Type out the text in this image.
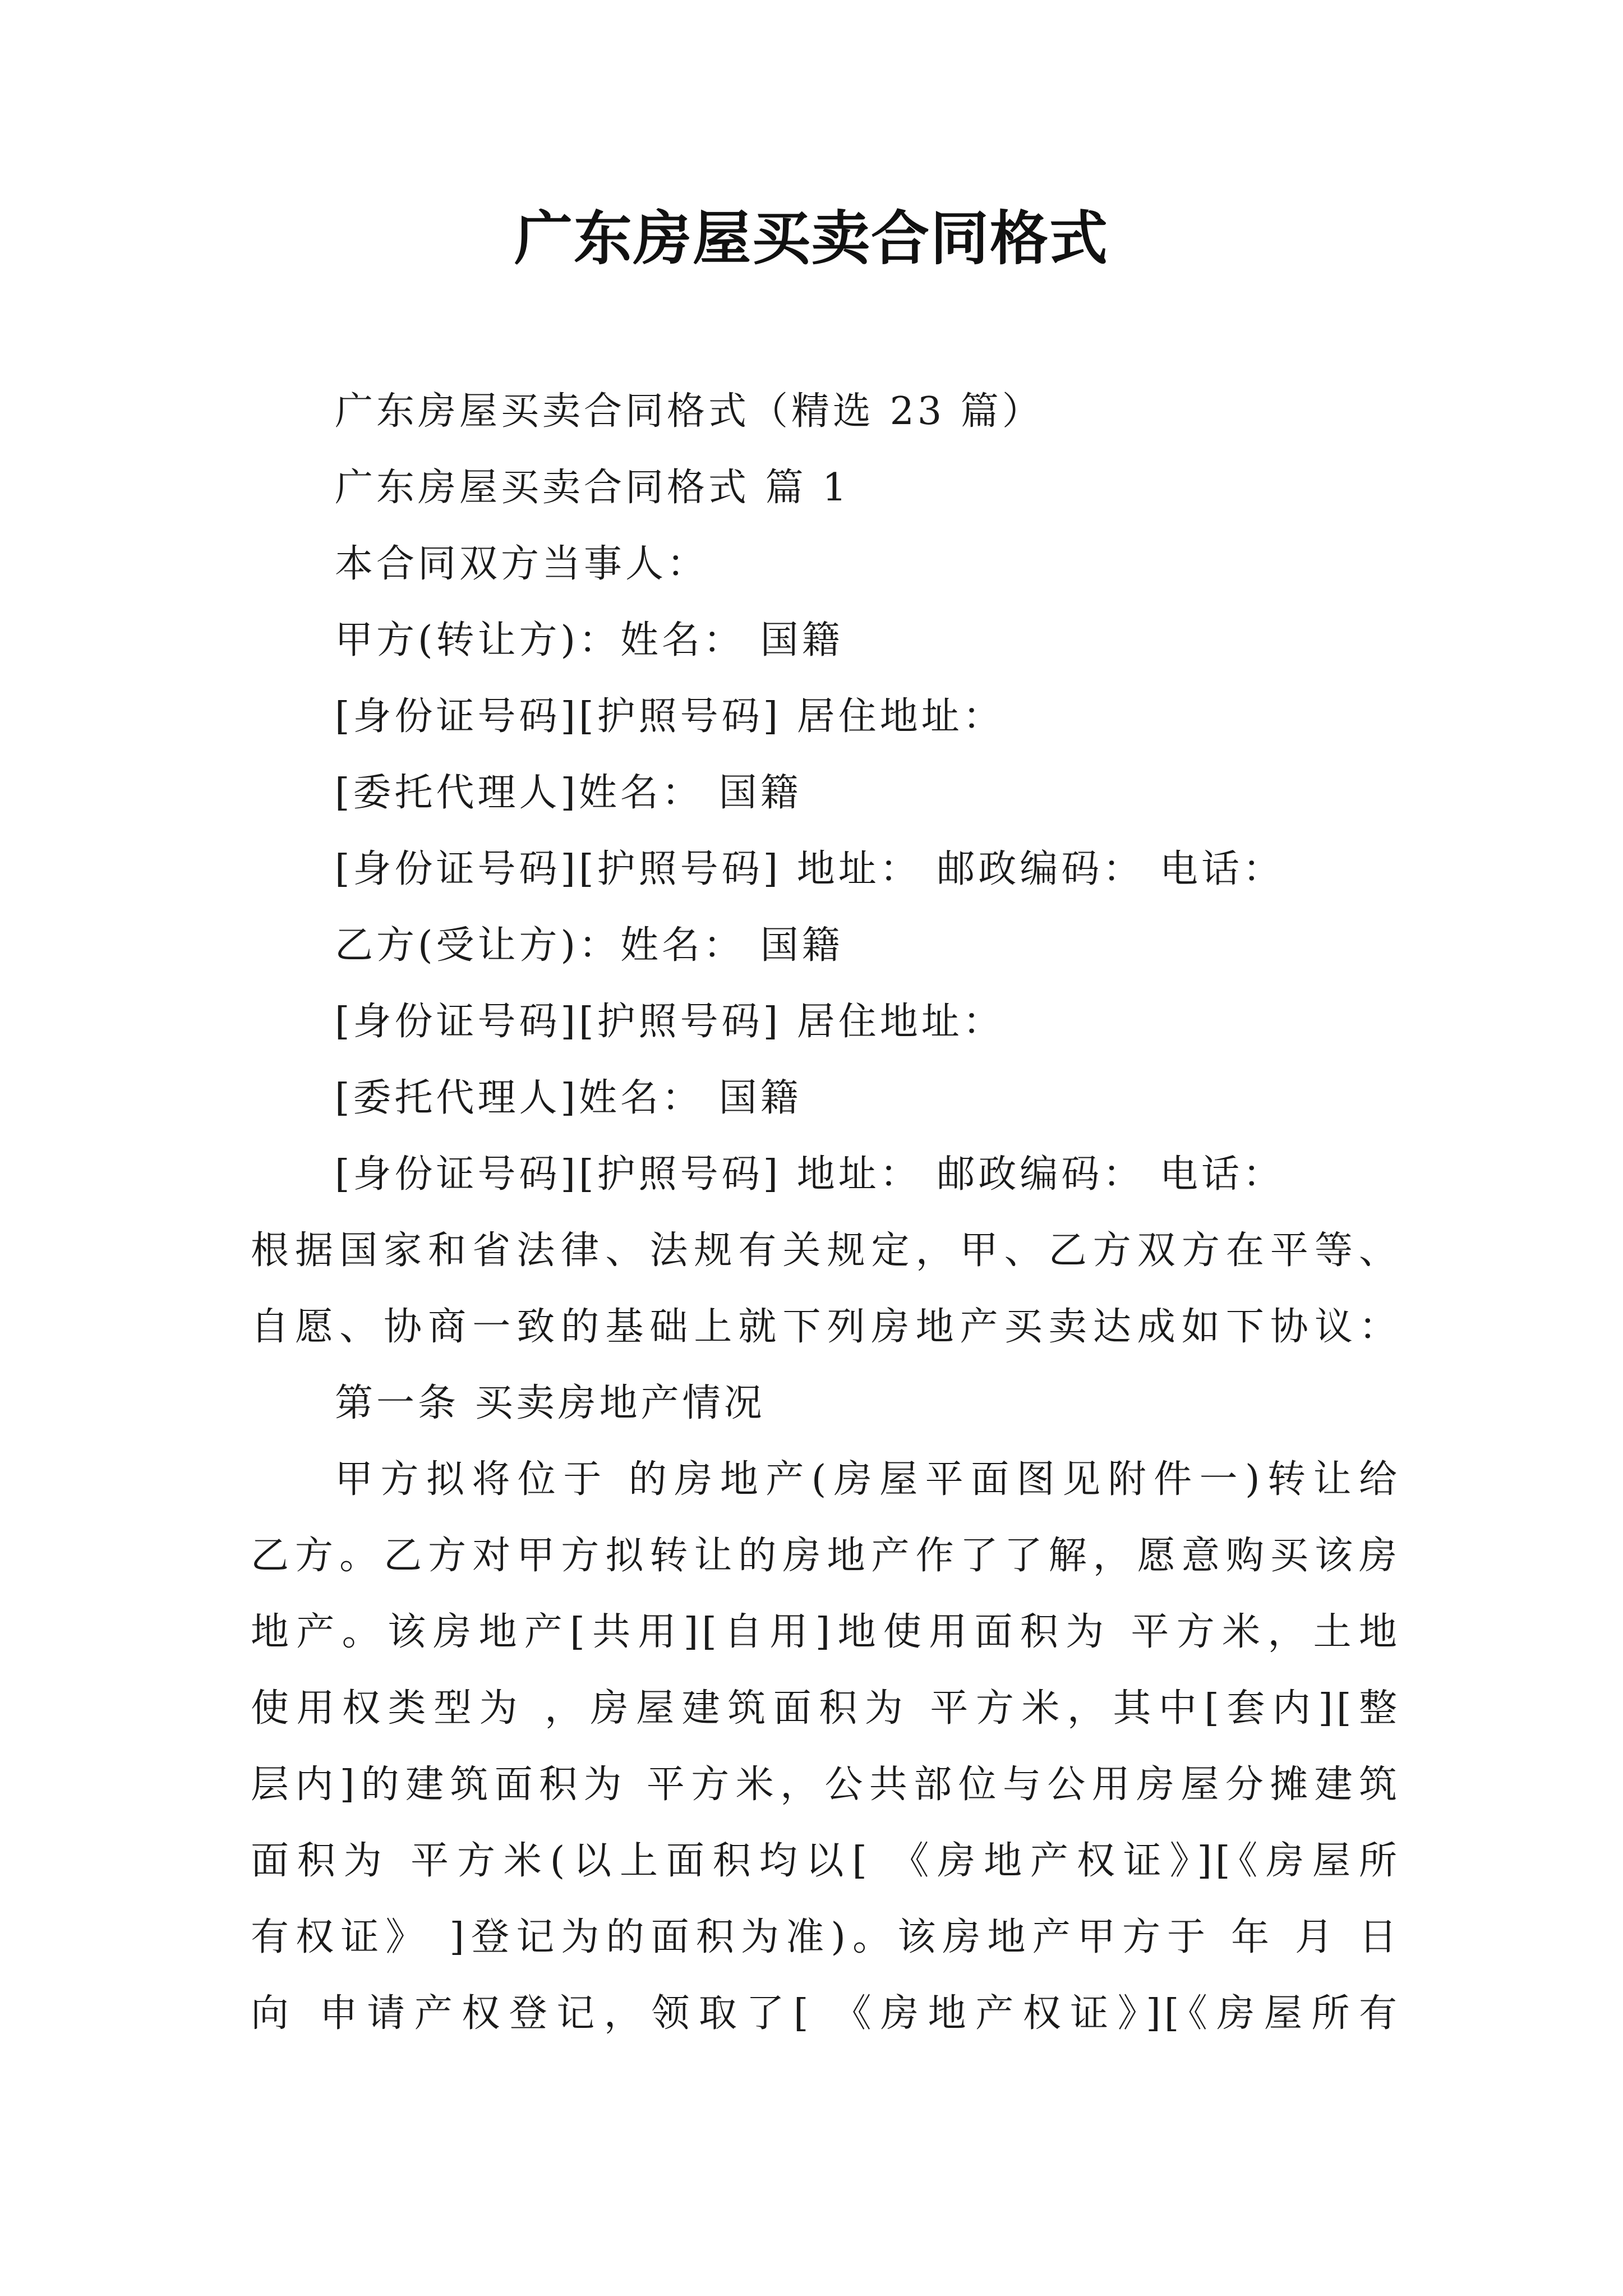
广东房屋买卖合同格式
广东房屋买卖合同格式（精选 23 篇）
广东房屋买卖合同格式 篇 1
本合同双方当事人：
甲方(转让方)：姓名： 国籍
[身份证号码][护照号码] 居住地址：
[委托代理人]姓名： 国籍
[身份证号码][护照号码] 地址： 邮政编码： 电话：
乙方(受让方)：姓名： 国籍
[身份证号码][护照号码] 居住地址：
[委托代理人]姓名： 国籍
[身份证号码][护照号码] 地址： 邮政编码： 电话：
根据国家和省法律、法规有关规定，甲、乙方双方在平等、
自愿、协商一致的基础上就下列房地产买卖达成如下协议：
第一条 买卖房地产情况
甲方拟将位于 的房地产(房屋平面图见附件一)转让给
乙方。乙方对甲方拟转让的房地产作了了解，愿意购买该房
地产。该房地产[共用][自用]地使用面积为 平方米，土地
使用权类型为 ，房屋建筑面积为 平方米，其中[套内][整
层内]的建筑面积为 平方米，公共部位与公用房屋分摊建筑
面积为 平方米(以上面积均以[ 《房地产权证》][《房屋所
有权证》 ]登记为的面积为准)。该房地产甲方于 年 月 日
向 申请产权登记，领取了[ 《房地产权证》][《房屋所有
